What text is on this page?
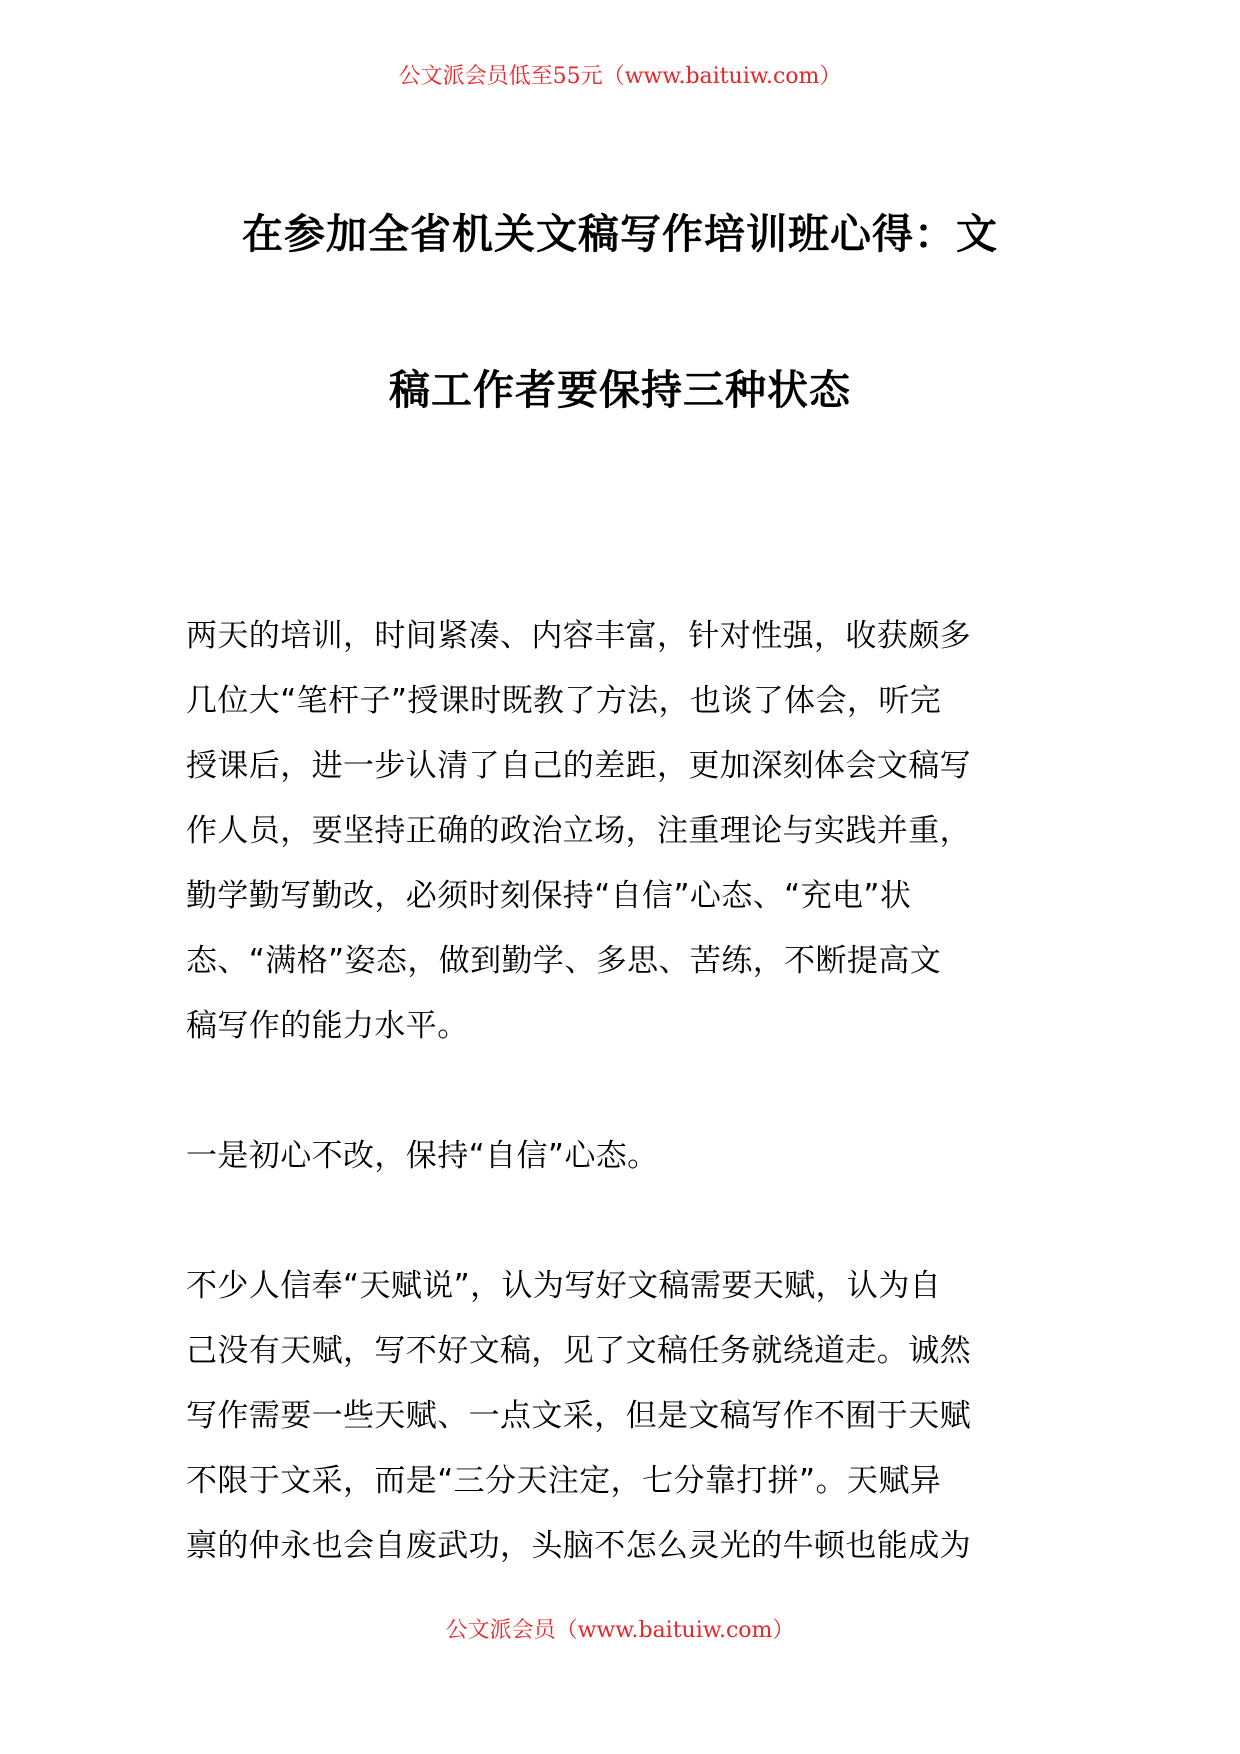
公文派会员低至55元（www.baituiw.com）
在参加全省机关文稿写作培训班心得：文
稿工作者要保持三种状态
两天的培训，时间紧凑、内容丰富，针对性强，收获颇多
几位大“笔杆子”授课时既教了方法，也谈了体会，听完
授课后，进一步认清了自己的差距，更加深刻体会文稿写
作人员，要坚持正确的政治立场，注重理论与实践并重，
勤学勤写勤改，必须时刻保持“自信”心态、“充电”状
态、“满格”姿态，做到勤学、多思、苦练，不断提高文
稿写作的能力水平。
一是初心不改，保持“自信”心态。
不少人信奉“天赋说”，认为写好文稿需要天赋，认为自
己没有天赋，写不好文稿，见了文稿任务就绕道走。诚然
写作需要一些天赋、一点文采，但是文稿写作不囿于天赋
不限于文采，而是“三分天注定，七分靠打拼”。天赋异
禀的仲永也会自废武功，头脑不怎么灵光的牛顿也能成为
公文派会员（www.baituiw.com）
